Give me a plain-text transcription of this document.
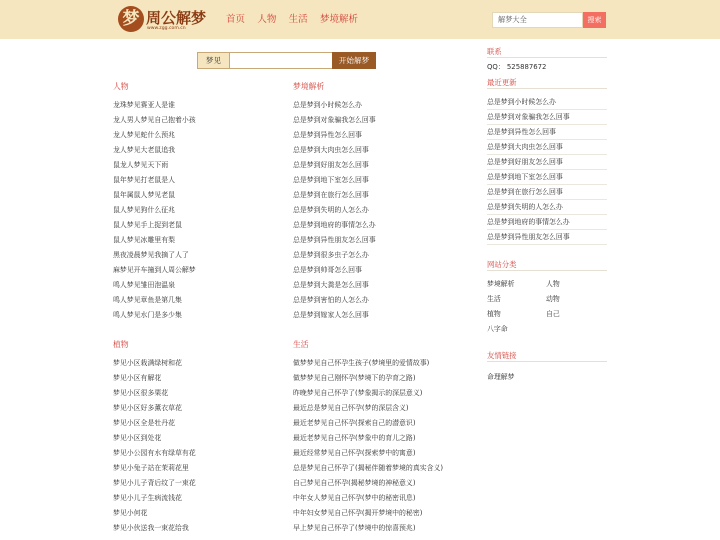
梦 周公解梦
www.zgg.com.cn
首页 人物 生活 梦境解析	解梦大全	搜索
梦见	开始解梦
人物
龙珠梦见赛亚人是谁
龙人男人梦见自己抱着小孩
龙人梦见蛇什么预兆
龙人梦见大老鼠追我
鼠龙人梦见天下雨
鼠年梦见打老鼠是人
鼠年属鼠人梦见老鼠
鼠人梦见狗什么征兆
鼠人梦见手上捉到老鼠
鼠人梦见冰雕里有梨
黑夜凌晨梦见我摘了人了
麻梦见开车撞到人周公解梦
鸣人梦见雏田泡温泉
鸣人梦见章鱼是第几集
鸣人梦见水门是多少集
梦境解析
总是梦到小时候怎么办
总是梦到对象骗我怎么回事
总是梦到异性怎么回事
总是梦到大肉虫怎么回事
总是梦到好朋友怎么回事
总是梦到地下室怎么回事
总是梦到在旅行怎么回事
总是梦到失明的人怎么办
总是梦到地府的事情怎么办
总是梦到异性朋友怎么回事
总是梦到很多虫子怎么办
总是梦到帅哥怎么回事
总是梦到大粪是怎么回事
总是梦到害怕的人怎么办
总是梦到嫁家人怎么回事
植物
梦见小区栽满绿树和花
梦见小区有解花
梦见小区很多栗花
梦见小区好多薰衣草花
梦见小区全是牡丹花
梦见小区到处花
梦见小公园有水有绿草有花
梦见小兔子站在茉莉花里
梦见小儿子背后纹了一束花
梦见小儿子生病流钱花
梦见小何花
梦见小伙送我一束花给我
生活
做梦梦见自己怀孕生孩子(梦境里的爱情故事)
做梦梦见自己刚怀孕(梦境下的孕育之路)
昨晚梦见自己怀孕了(梦象揭示的深层意义)
最近总是梦见自己怀孕(梦的深层含义)
最近老梦见自己怀孕(探索自己的潜意识)
最近老梦见自己怀孕(梦象中的育儿之路)
最近经常梦见自己怀孕(探索梦中的寓意)
总是梦见自己怀孕了(揭秘伴随着梦境的真实含义)
自己梦见自己怀孕(揭秘梦境的神秘意义)
中年女人梦见自己怀孕(梦中的秘密讯息)
中年妇女梦见自己怀孕(揭开梦境中的秘密)
早上梦见自己怀孕了(梦境中的惊喜预兆)
联系
QQ： 525887672
最近更新
总是梦到小时候怎么办
总是梦到对象骗我怎么回事
总是梦到异性怎么回事
总是梦到大肉虫怎么回事
总是梦到好朋友怎么回事
总是梦到地下室怎么回事
总是梦到在旅行怎么回事
总是梦到失明的人怎么办
总是梦到地府的事情怎么办
总是梦到异性朋友怎么回事
网站分类
梦境解析	人物
生活	动物
植物	自己
八字命
友情链接
命理解梦
